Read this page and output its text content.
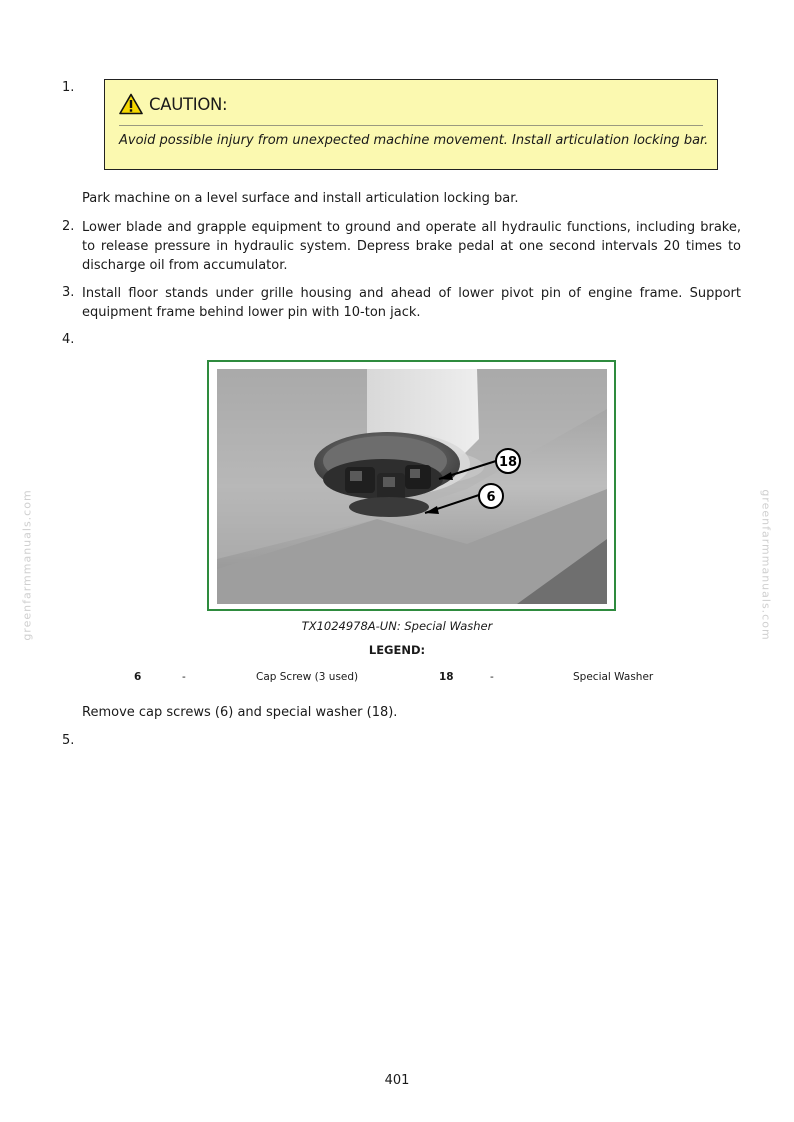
greenfarmmanuals.com	greenfarmmanuals.com
1.
CAUTION:
Avoid possible injury from unexpected machine movement. Install articulation locking bar.
Park machine on a level surface and install articulation locking bar.
2. Lower blade and grapple equipment to ground and operate all hydraulic functions, including brake, to release pressure in hydraulic system. Depress brake pedal at one second intervals 20 times to discharge oil from accumulator.
3. Install floor stands under grille housing and ahead of lower pivot pin of engine frame. Support equipment frame behind lower pin with 10-ton jack.
4.
18
6
TX1024978A-UN: Special Washer
LEGEND:
6	-	Cap Screw (3 used)	18	-	Special Washer
Remove cap screws (6) and special washer (18).
5.
401
